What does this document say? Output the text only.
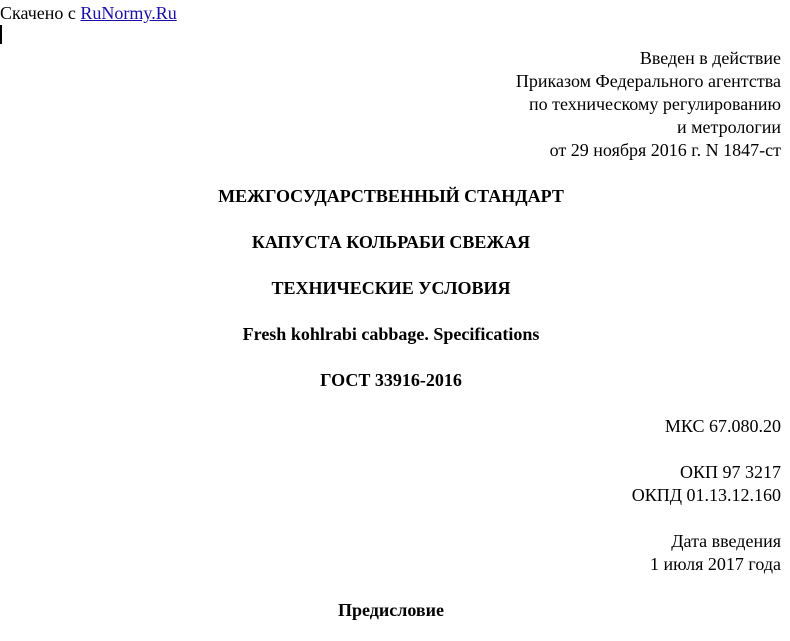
Скачено с RuNormy.Ru
Введен в действие
Приказом Федерального агентства
по техническому регулированию
и метрологии
от 29 ноября 2016 г. N 1847-ст
МЕЖГОСУДАРСТВЕННЫЙ СТАНДАРТ
КАПУСТА КОЛЬРАБИ СВЕЖАЯ
ТЕХНИЧЕСКИЕ УСЛОВИЯ
Fresh kohlrabi cabbage. Specifications
ГОСТ 33916-2016
МКС 67.080.20
ОКП 97 3217
ОКПД 01.13.12.160
Дата введения
1 июля 2017 года
Предисловие
